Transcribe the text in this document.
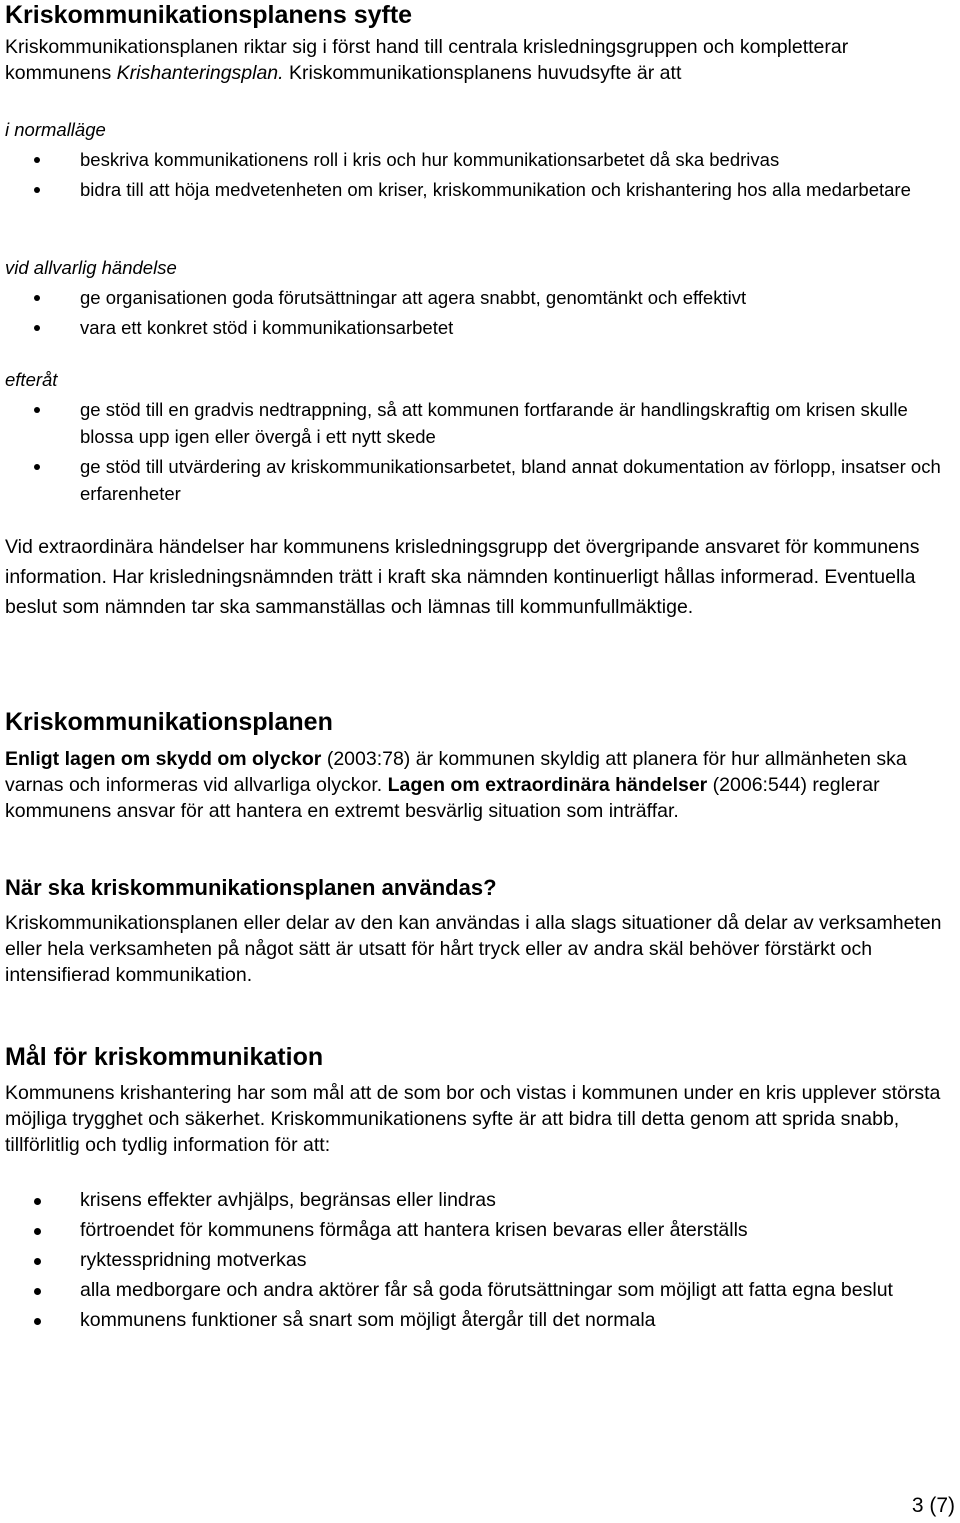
Kriskommunikationsplanens syfte
Kriskommunikationsplanen riktar sig i först hand till centrala krisledningsgruppen och kompletterar kommunens Krishanteringsplan. Kriskommunikationsplanens huvudsyfte är att
i normalläge
beskriva kommunikationens roll i kris och hur kommunikationsarbetet då ska bedrivas
bidra till att höja medvetenheten om kriser, kriskommunikation och krishantering hos alla medarbetare
vid allvarlig händelse
ge organisationen goda förutsättningar att agera snabbt, genomtänkt och effektivt
vara ett konkret stöd i kommunikationsarbetet
efteråt
ge stöd till en gradvis nedtrappning, så att kommunen fortfarande är handlingskraftig om krisen skulle blossa upp igen eller övergå i ett nytt skede
ge stöd till utvärdering av kriskommunikationsarbetet, bland annat dokumentation av förlopp, insatser och erfarenheter
Vid extraordinära händelser har kommunens krisledningsgrupp det övergripande ansvaret för kommunens information. Har krisledningsnämnden trätt i kraft ska nämnden kontinuerligt hållas informerad. Eventuella beslut som nämnden tar ska sammanställas och lämnas till kommunfullmäktige.
Kriskommunikationsplanen
Enligt lagen om skydd om olyckor (2003:78) är kommunen skyldig att planera för hur allmänheten ska varnas och informeras vid allvarliga olyckor. Lagen om extraordinära händelser (2006:544) reglerar kommunens ansvar för att hantera en extremt besvärlig situation som inträffar.
När ska kriskommunikationsplanen användas?
Kriskommunikationsplanen eller delar av den kan användas i alla slags situationer då delar av verksamheten eller hela verksamheten på något sätt är utsatt för hårt tryck eller av andra skäl behöver förstärkt och intensifierad kommunikation.
Mål för kriskommunikation
Kommunens krishantering har som mål att de som bor och vistas i kommunen under en kris upplever största möjliga trygghet och säkerhet. Kriskommunikationens syfte är att bidra till detta genom att sprida snabb, tillförlitlig och tydlig information för att:
krisens effekter avhjälps, begränsas eller lindras
förtroendet för kommunens förmåga att hantera krisen bevaras eller återställs
ryktesspridning motverkas
alla medborgare och andra aktörer får så goda förutsättningar som möjligt att fatta egna beslut
kommunens funktioner så snart som möjligt återgår till det normala
3 (7)
